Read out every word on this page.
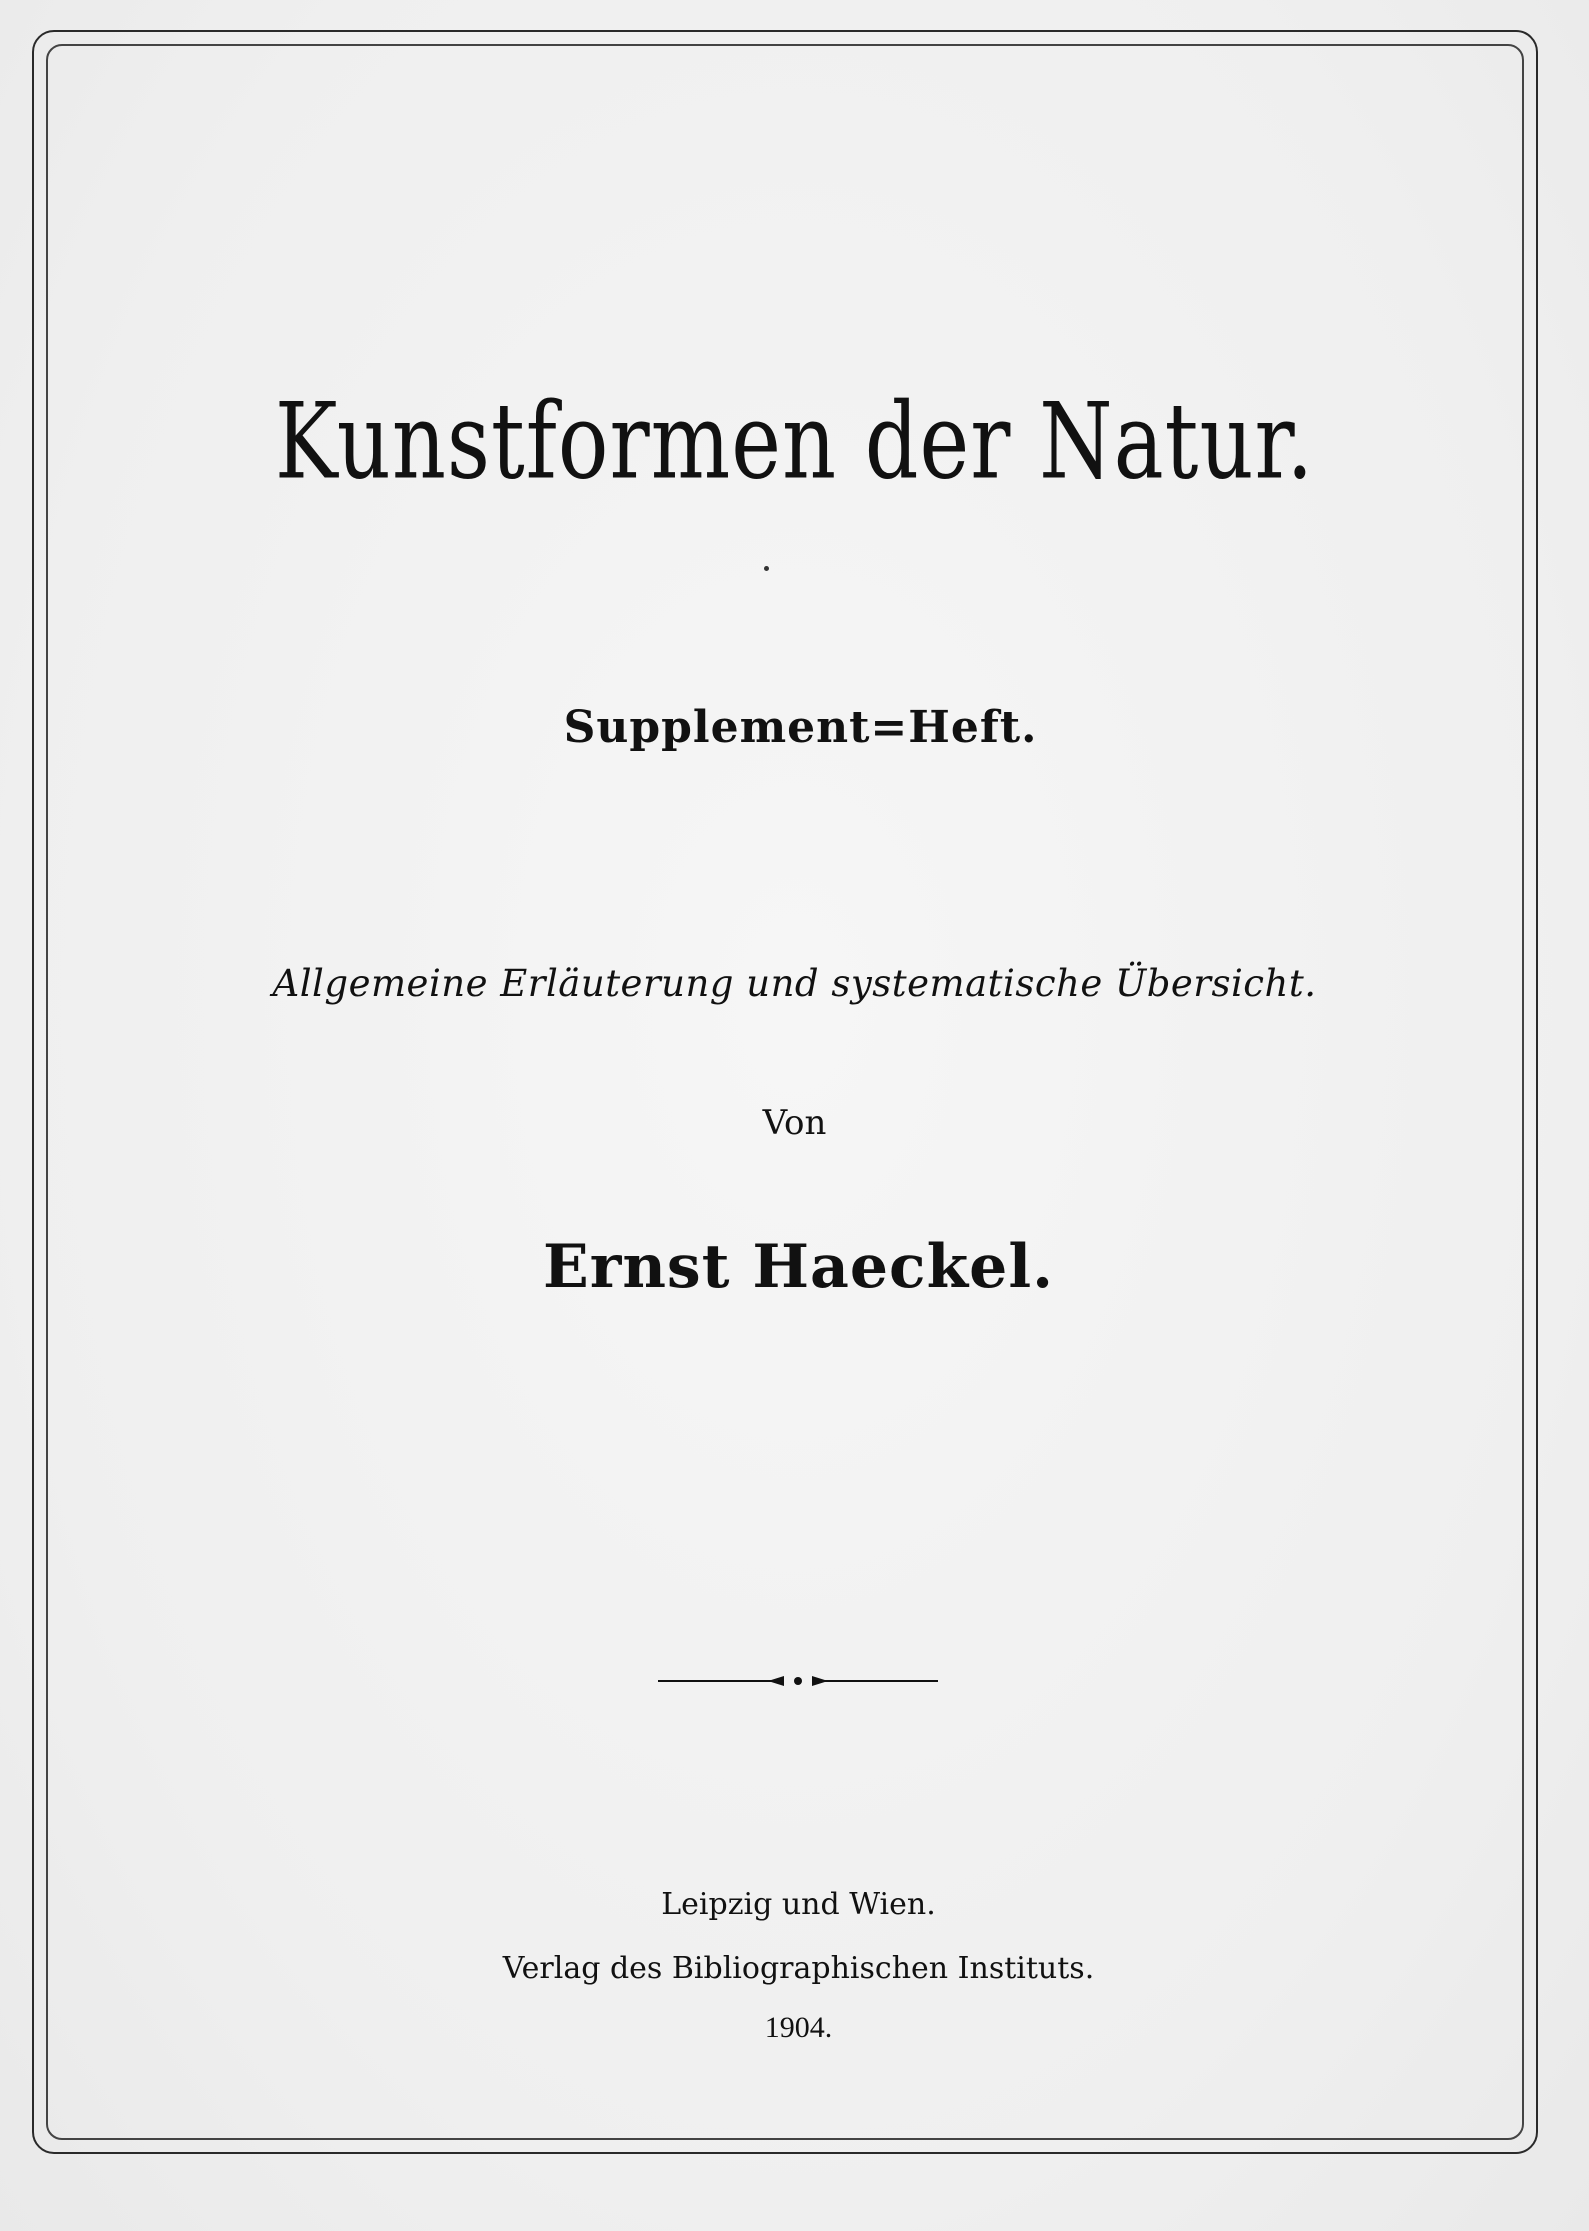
Kunstformen der Natur.
Supplement=Heft.
Allgemeine Erläuterung und systematische Übersicht.
Von
Ernst Haeckel.
Leipzig und Wien.
Verlag des Bibliographischen Instituts.
1904.
